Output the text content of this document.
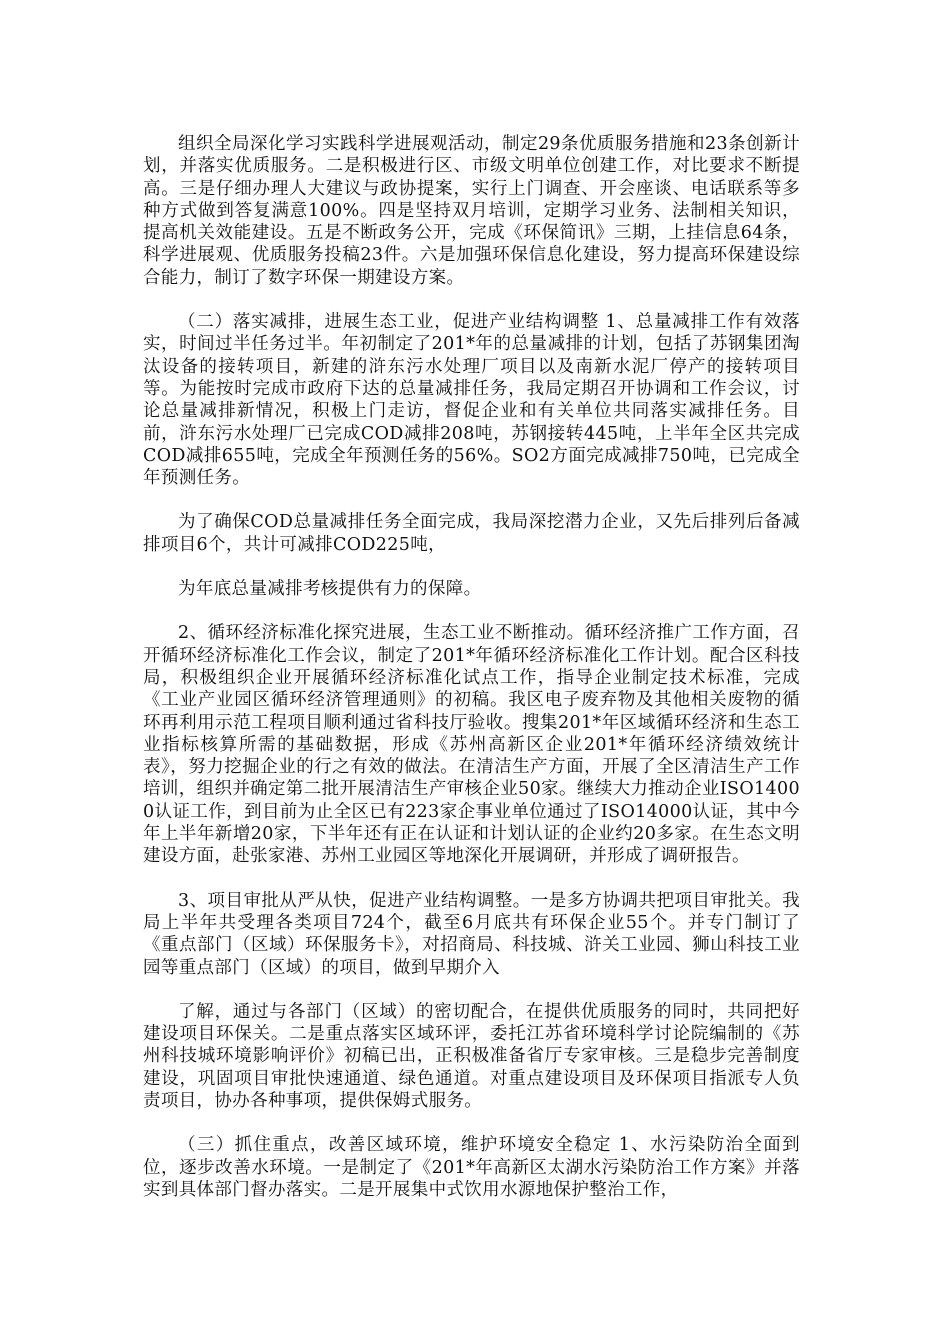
组织全局深化学习实践科学进展观活动，制定29条优质服务措施和23条创新计划，并落实优质服务。二是积极进行区、市级文明单位创建工作，对比要求不断提高。三是仔细办理人大建议与政协提案，实行上门调查、开会座谈、电话联系等多种方式做到答复满意100%。四是坚持双月培训，定期学习业务、法制相关知识，提高机关效能建设。五是不断政务公开，完成《环保简讯》三期，上挂信息64条，科学进展观、优质服务投稿23件。六是加强环保信息化建设，努力提高环保建设综合能力，制订了数字环保一期建设方案。

（二）落实减排，进展生态工业，促进产业结构调整 1、总量减排工作有效落实，时间过半任务过半。年初制定了201*年的总量减排的计划，包括了苏钢集团淘汰设备的接转项目，新建的浒东污水处理厂项目以及南新水泥厂停产的接转项目等。为能按时完成市政府下达的总量减排任务，我局定期召开协调和工作会议，讨论总量减排新情况，积极上门走访，督促企业和有关单位共同落实减排任务。目前，浒东污水处理厂已完成COD减排208吨，苏钢接转445吨，上半年全区共完成COD减排655吨，完成全年预测任务的56%。SO2方面完成减排750吨，已完成全年预测任务。

为了确保COD总量减排任务全面完成，我局深挖潜力企业，又先后排列后备减排项目6个，共计可减排COD225吨，

为年底总量减排考核提供有力的保障。

2、循环经济标准化探究进展，生态工业不断推动。循环经济推广工作方面，召开循环经济标准化工作会议，制定了201*年循环经济标准化工作计划。配合区科技局，积极组织企业开展循环经济标准化试点工作，指导企业制定技术标准，完成《工业产业园区循环经济管理通则》的初稿。我区电子废弃物及其他相关废物的循环再利用示范工程项目顺利通过省科技厅验收。搜集201*年区域循环经济和生态工业指标核算所需的基础数据，形成《苏州高新区企业201*年循环经济绩效统计表》，努力挖掘企业的行之有效的做法。在清洁生产方面，开展了全区清洁生产工作培训，组织并确定第二批开展清洁生产审核企业50家。继续大力推动企业ISO14000认证工作，到目前为止全区已有223家企事业单位通过了ISO14000认证，其中今年上半年新增20家，下半年还有正在认证和计划认证的企业约20多家。在生态文明建设方面，赴张家港、苏州工业园区等地深化开展调研，并形成了调研报告。

3、项目审批从严从快，促进产业结构调整。一是多方协调共把项目审批关。我局上半年共受理各类项目724个，截至6月底共有环保企业55个。并专门制订了《重点部门（区域）环保服务卡》，对招商局、科技城、浒关工业园、狮山科技工业园等重点部门（区域）的项目，做到早期介入

了解，通过与各部门（区域）的密切配合，在提供优质服务的同时，共同把好建设项目环保关。二是重点落实区域环评，委托江苏省环境科学讨论院编制的《苏州科技城环境影响评价》初稿已出，正积极准备省厅专家审核。三是稳步完善制度建设，巩固项目审批快速通道、绿色通道。对重点建设项目及环保项目指派专人负责项目，协办各种事项，提供保姆式服务。

（三）抓住重点，改善区域环境，维护环境安全稳定 1、水污染防治全面到位，逐步改善水环境。一是制定了《201*年高新区太湖水污染防治工作方案》并落实到具体部门督办落实。二是开展集中式饮用水源地保护整治工作，
